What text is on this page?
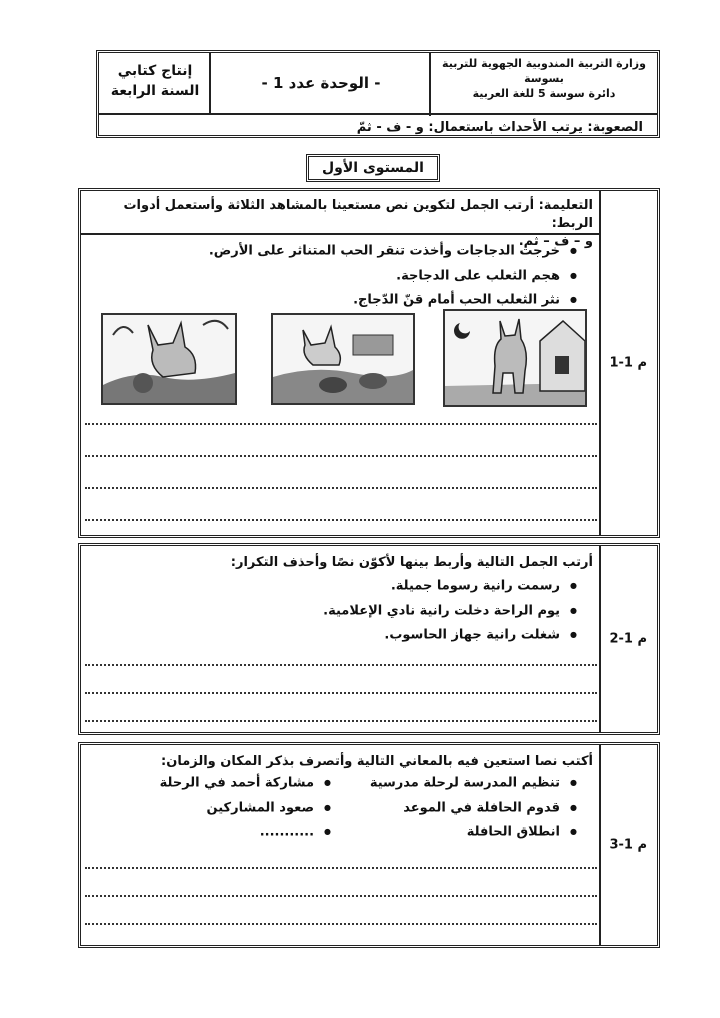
وزارة التربية المندوبية الجهوية للتربية
بسوسة
دائرة سوسة 5 للغة العربية
- الوحدة عدد 1 -
إنتاج كتابي
السنة الرابعة
الصعوبة: يرتب الأحداث باستعمال: و - ف - ثمّ
المستوى الأول
م 1-1
التعليمة: أرتب الجمل لتكوين نص مستعينا بالمشاهد الثلاثة وأستعمل أدوات الربط:
و – ف – ثم.
● خرجت الدجاجات وأخذت تنقر الحب المتناثر على الأرض.
● هجم الثعلب على الدجاجة.
● نثر الثعلب الحب أمام قنّ الدّجاج.
م 1-2
أرتب الجمل التالية وأربط بينها لأكوّن نصًا وأحذف التكرار:
● رسمت رانية رسوما جميلة.
● يوم الراحة دخلت رانية نادي الإعلامية.
● شغلت رانية جهاز الحاسوب.
م 1-3
أكتب نصا استعين فيه بالمعاني التالية وأتصرف بذكر المكان والزمان:
● تنظيم المدرسة لرحلة مدرسية
● قدوم الحافلة في الموعد
● انطلاق الحافلة
● مشاركة أحمد في الرحلة
● صعود المشاركين
● ...........
